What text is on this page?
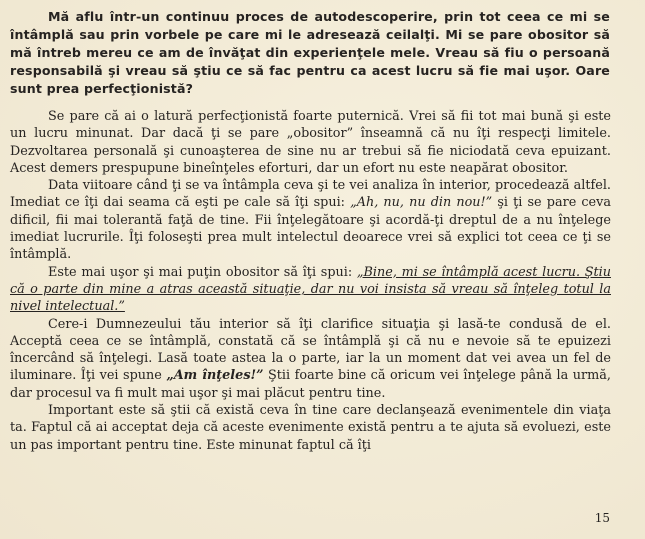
Mă aflu într-un continuu proces de autodescoperire, prin tot ceea ce mi se întâmplă sau prin vorbele pe care mi le adresează ceilalţi. Mi se pare obositor să mă întreb mereu ce am de învăţat din experienţele mele. Vreau să fiu o persoană responsabilă şi vreau să ştiu ce să fac pentru ca acest lucru să fie mai uşor. Oare sunt prea perfecţionistă?

Se pare că ai o latură perfecţionistă foarte puternică. Vrei să fii tot mai bună şi este un lucru minunat. Dar dacă ţi se pare „obositor” înseamnă că nu îţi respecţi limitele. Dezvoltarea personală şi cunoaşterea de sine nu ar trebui să fie niciodată ceva epuizant. Acest demers prespupune bineînţeles eforturi, dar un efort nu este neapărat obositor.

Data viitoare când ţi se va întâmpla ceva şi te vei analiza în interior, procedează altfel. Imediat ce îţi dai seama că eşti pe cale să îţi spui: „Ah, nu, nu din nou!” şi ţi se pare ceva dificil, fii mai tolerantă faţă de tine. Fii înţelegătoare şi acordă-ţi dreptul de a nu înţelege imediat lucrurile. Îţi foloseşti prea mult intelectul deoarece vrei să explici tot ceea ce ţi se întâmplă.

Este mai uşor şi mai puţin obositor să îţi spui: „Bine, mi se întâmplă acest lucru. Ştiu că o parte din mine a atras această situaţie, dar nu voi insista să vreau să înţeleg totul la nivel intelectual.”

Cere-i Dumnezeului tău interior să îţi clarifice situaţia şi lasă-te condusă de el. Acceptă ceea ce se întâmplă, constată că se întâmplă şi că nu e nevoie să te epuizezi încercând să înţelegi. Lasă toate astea la o parte, iar la un moment dat vei avea un fel de iluminare. Îţi vei spune „Am înţeles!” Ştii foarte bine că oricum vei înţelege până la urmă, dar procesul va fi mult mai uşor şi mai plăcut pentru tine.

Important este să ştii că există ceva în tine care declanşează evenimentele din viaţa ta. Faptul că ai acceptat deja că aceste evenimente există pentru a te ajuta să evoluezi, este un pas important pentru tine. Este minunat faptul că îţi

15
